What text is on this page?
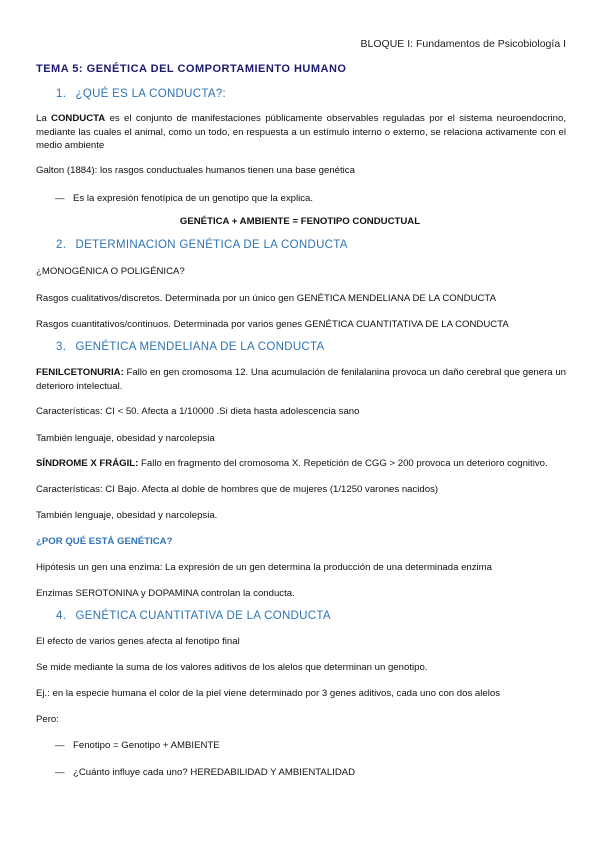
BLOQUE I: Fundamentos de Psicobiología I
TEMA 5: GENÉTICA DEL COMPORTAMIENTO HUMANO
1. ¿QUÉ ES LA CONDUCTA?:
La CONDUCTA es el conjunto de manifestaciones públicamente observables reguladas por el sistema neuroendocrino, mediante las cuales el animal, como un todo, en respuesta a un estímulo interno o externo, se relaciona activamente con el medio ambiente
Galton (1884): los rasgos conductuales humanos tienen una base genética
— Es la expresión fenotípica de un genotipo que la explica.
GENÉTICA + AMBIENTE = FENOTIPO CONDUCTUAL
2. DETERMINACION GENÉTICA DE LA CONDUCTA
¿MONOGÉNICA O POLIGÉNICA?
Rasgos cualitativos/discretos. Determinada por un único gen GENÉTICA MENDELIANA DE LA CONDUCTA
Rasgos cuantitativos/continuos. Determinada por varios genes GENÉTICA CUANTITATIVA DE LA CONDUCTA
3. GENÉTICA MENDELIANA DE LA CONDUCTA
FENILCETONURIA: Fallo en gen cromosoma 12. Una acumulación de fenilalanina provoca un daño cerebral que genera un deterioro intelectual.
Características: CI < 50. Afecta a 1/10000 .Si dieta hasta adolescencia sano
También lenguaje, obesidad y narcolepsia
SÍNDROME X FRÁGIL: Fallo en fragmento del cromosoma X. Repetición de CGG > 200 provoca un deterioro cognitivo.
Características: CI Bajo. Afecta al doble de hombres que de mujeres (1/1250 varones nacidos)
También lenguaje, obesidad y narcolepsia.
¿POR QUÉ ESTÁ GENÉTICA?
Hipótesis un gen una enzima: La expresión de un gen determina la producción de una determinada enzima
Enzimas SEROTONINA y DOPAMINA controlan la conducta.
4. GENÉTICA CUANTITATIVA DE LA CONDUCTA
El efecto de varios genes afecta al fenotipo final
Se mide mediante la suma de los valores aditivos de los alelos que determinan un genotipo.
Ej.: en la especie humana el color de la piel viene determinado por 3 genes aditivos, cada uno con dos alelos
Pero:
— Fenotipo = Genotipo + AMBIENTE
— ¿Cuánto influye cada uno? HEREDABILIDAD Y AMBIENTALIDAD
